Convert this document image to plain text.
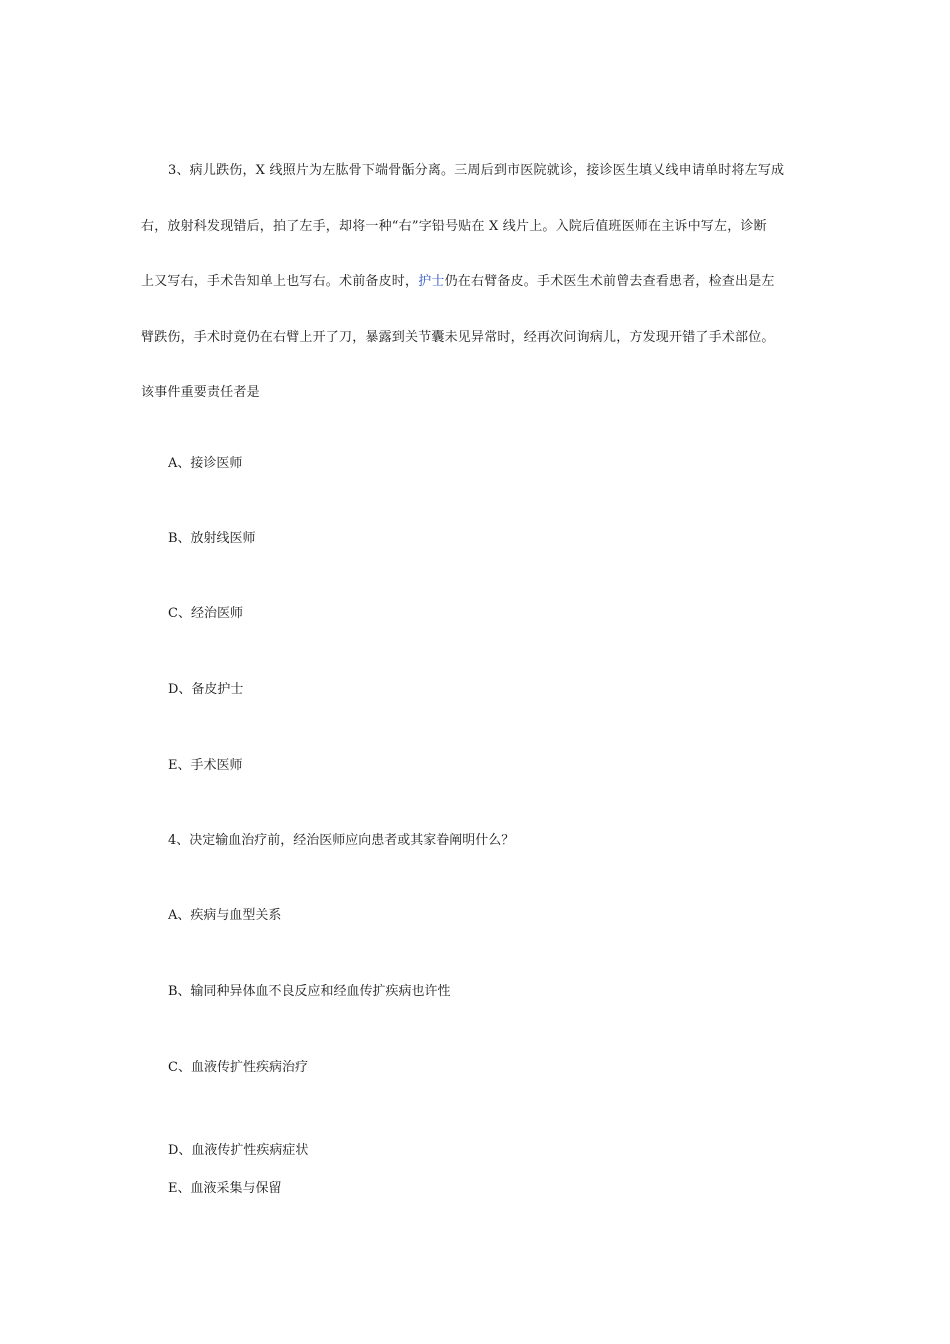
3、病儿跌伤，X 线照片为左肱骨下端骨骺分离。三周后到市医院就诊，接诊医生填乂线申请单时将左写成
右，放射科发现错后，拍了左手，却将一种“右”字铅号贴在 X 线片上。入院后值班医师在主诉中写左，诊断
上又写右，手术告知单上也写右。术前备皮时，护士仍在右臂备皮。手术医生术前曾去查看患者，检查出是左
臂跌伤，手术时竟仍在右臂上开了刀，暴露到关节囊未见异常时，经再次问询病儿，方发现开错了手术部位。
该事件重要责任者是
A、接诊医师
B、放射线医师
C、经治医师
D、备皮护士
E、手术医师
4、决定输血治疗前，经治医师应向患者或其家眷阐明什么？
A、疾病与血型关系
B、输同种异体血不良反应和经血传扩疾病也许性
C、血液传扩性疾病治疗
D、血液传扩性疾病症状
E、血液采集与保留
